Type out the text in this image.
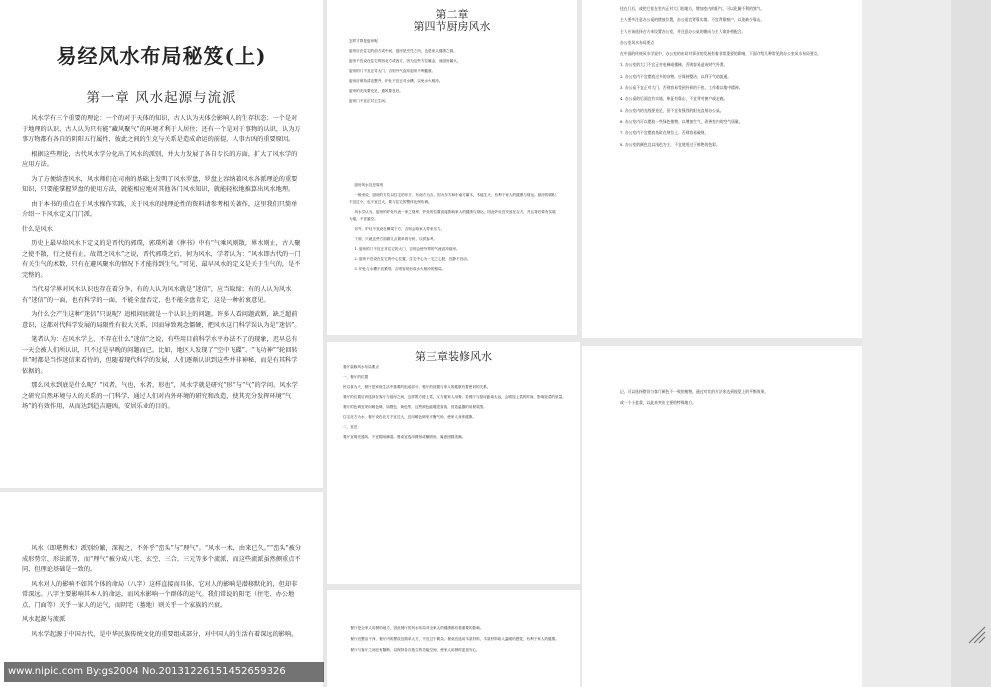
易经风水布局秘笈(上)
第一章 风水起源与流派

风水学有三个重要的理论：一个的对于天体的知识，古人认为天体会影响人的生存状态；一个是对于地理的认识，古人认为只有能“藏风聚气”的环境才利于人居住；还有一个是对于事物的认识，认为万事万物都有各自的阴阳五行属性，彼此之间的生克与关系是造成命运的前提，人事古凶的重要原因。

根据这些理论，古代风水学分化出了风水的派别，并大力发展了各自专长的方面，扩大了风水学的应用方法。

为了方便给查风水，风水师们在司南的基础上发明了风水罗盘，罗盘上容纳着风水各派理论的重要知识，只要能掌握罗盘的使用方法，就能相应地对其他各门风水知识，就能轻松地推算出风水地理。

由于本书的重点在于风水操作实践，关于风水的纯理论性的资料请参考相关著作，这里我们只简单介绍一下风水定义门门派。

什么是风水

历史上最早给风水下定义的是晋代的郭璞，郭璞所著《葬书》中有“气乘风则散，界水则止，古人聚之使不散，行之使有止，故谓之风水”之说，晋代郭璞之后，何为风水，学者认为：“风水即古代的一门有关生气的术数，只有在避风聚水的情况下才能得到生气。”可见，最早风水的定义是关于生气的，是不完整的。

当代易学界对风水认识也存在着分争，有的人认为风水就是“迷信”，应当取缔；有的人认为风水有“迷信”的一面，也有科学的一面，不能全盘否定，也不能全盘肯定，这是一种折衷意见。

为什么会产生这种“迷信”只说呢？追根问底就是一个认识上的问题。许多人看问题武断，缺乏超前意识，这都对代科学发展的局限性有很大关系，因而导致观念僵硬，把风水这门科学误认为是“迷信”。

笔者认为：在风水学上，不存在什么“迷信”之说，有些用目前科学水平办法不了的现象，迟早总有一天会被人们所认识，只不过是早晚的问题而已。比如，地区人发现了“空中飞碟”、“飞功神”“轮回转世”时都是当作迷信来看待的，但随着现代科学的发展，人们逐渐认识到这些并非神秘，而是有其科学依据的。

那么风水到底是什么呢？“风者，气也，水者，形也”，风水学就是研究“形”与“气”的学问。风水学之研究自然环境与人的关系的一门科学，通过人们对内外环境的研究和改造，使其充分发挥环境“气场”的有效作用，从而达到趋吉避凶，安居乐业的目的。

第二章
第四节厨房风水

怎样才算是厨房呢

厨房应在住宅的前方或中间，厨房是烹饪之所，也是家人健康之源。

厨房不宜设在住宅的西北方或西方，因为这些方位属金，而厨房属火。

厨房的门不宜正对大门，否则外气直冲厨房不利健康。

厨房应保持清洁整齐，炉灶不宜正对水槽，以免水火相冲。

厨房的光线要充足，通风要良好。

厨房门不宜正对卫生间。

厨房风水宜忌原则

一般来说，厨房的方位以住宅的东方、东南方为吉，因为东方和东南方属木，木能生火，有利于家人的健康与财运。厨房的面积不宜过小，也不宜过大，要与住宅的整体比例协调。

风水学认为，厨房的炉灶代表一家之财库，炉灶的位置直接影响家人的健康与财运，因此炉灶宜安放在吉方，并且背后要有实墙为靠，不宜悬空。

另外，炉灶不宜设在横梁下方，否则会给家人带来压力。

下面，只就这些方面做几点简单的分析，以供参考。

1. 厨房的门不宜正对住宅的大门，否则会使外界的气流直冲厨房。

2. 厨房不宜设在住宅的中心位置，住宅中心为一宅之心脏，宜静不宜动。

3. 炉灶与水槽不宜紧邻，否则容易形成水火相冲的格局。

第三章装修风水

餐厅装修风水布局要点

一、餐厅的位置

民以食为天，餐厅是家庭生活中重要的组成部分，餐厅的设置与家人的健康有着密切的关系。

餐厅的位置应该选择在客厅与厨房之间，这样既方便上菜，又方便家人用餐。若餐厅与厨房距离太远，会增加上菜的时间，影响饭菜的质量。

餐厅的色调宜采用暖色调，如橙色、黄色等，这些颜色能增进食欲，营造温馨的用餐氛围。

住宅北方为水，餐厅设在北方不宜过大，宜用暖色调来平衡气场，使家人身体健康。

二、宜忌

餐厅宜明亮通风，不宜阴暗潮湿。餐桌宜选用圆形或椭圆形，寓意团圆美满。

挂在门后，或把它挂在室内正对大门的地方，增加室内的阳气，可以化解不利的煞气。

主人要多注意办公桌的摆放位置，办公桌宜背靠实墙，不宜背靠窗户，以免缺少靠山。

主人应该选择吉方来设置办公室，并注意办公桌的朝向与主人命卦相配合。

办公室风水布局要点

在中国的传统风水学说中，办公室的布局对事业的发展有着非常重要的影响，下面介绍几种常见的办公室风水布局要点。

1. 办公室的大门不宜正对电梯或楼梯，否则容易造成财气外泄。

2. 办公室内不宜摆放过多的杂物，应保持整洁，以利于气的流通。

3. 办公桌不宜正对大门，否则容易受到外界的干扰，工作难以集中精神。

4. 办公桌的后面宜有实墙，象征有靠山，不宜背对窗户或走廊。

5. 办公室内的光线要充足，但不宜有强烈的阳光直射办公桌。

6. 办公室内可以摆放一些绿色植物，以增加生气，改善室内的空气质量。

7. 办公室内不宜摆放鱼缸在财位上，否则容易破财。

8. 办公室的颜色宜以浅色为主，不宜使用过于鲜艳的色彩。

记，可以选择摆设与客厅颜色不一致的植物，通过对比的方法来达到视觉上的平衡效果。

或一个小盆栽，以此来突出主要的特殊地方。

风水（即堪舆术）派别纷繁，深视之，不外乎“峦头”与“理气”。“风水一术，由来已久。”“峦头”被分成形势宗、形法派等，而“理气”被分成八宅、玄空、三合、三元等多个流派，而这些流派虽然侧重点不同，但理论基础是一致的。

风水对人的影响不如其个体的命局（八字）这样直接而具体，它对人的影响是潜移默化的，但却非常深远。八字主要影响其本人的命运，而风水影响一个群体的运气。我们常说的阳宅（住宅、办公地点、门面等）关乎一家人的运气，而阴宅（墓地）则关乎一个家族的兴衰。

风水起源与流派

风水学起源于中国古代，是中华民族传统文化的重要组成部分，对中国人的生活有着深远的影响。

餐厅是全家人用餐的地方，因此餐厅的风水布局对全家人的健康都有着重要的影响。

餐厅宜整洁干净，餐厅内的摆设宜简单大方，不宜过于繁杂。餐桌宜选用木质材料，木质材料给人温暖的感觉，有利于家人的健康。

餐厅与客厅之间宜有隔断，以保持各自独立的功能空间，使家人用餐时更加安心。

www.nipic.com By:gs2004 No.20131226151452659326
